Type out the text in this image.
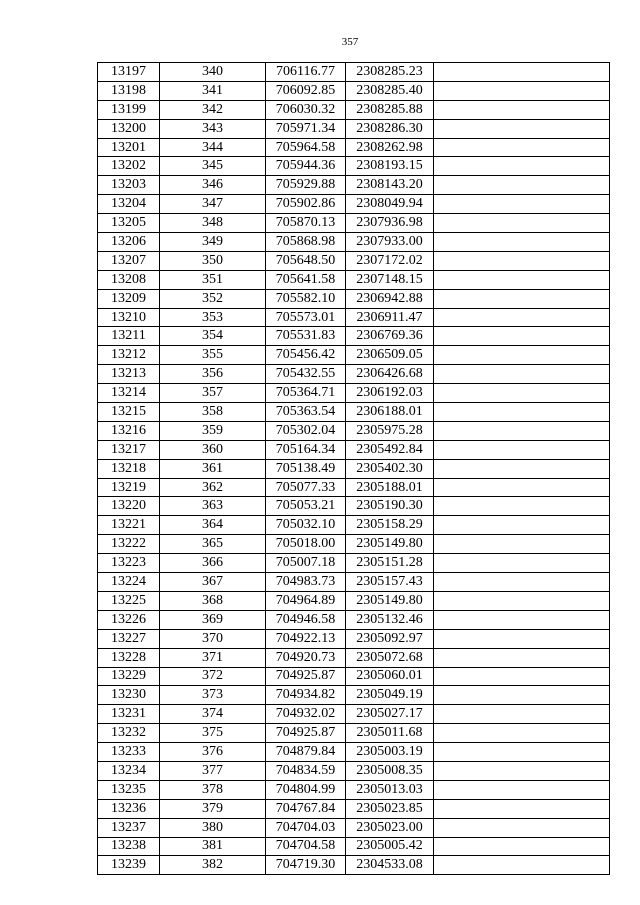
357
13197	340	706116.77	2308285.23	
13198	341	706092.85	2308285.40	
13199	342	706030.32	2308285.88	
13200	343	705971.34	2308286.30	
13201	344	705964.58	2308262.98	
13202	345	705944.36	2308193.15	
13203	346	705929.88	2308143.20	
13204	347	705902.86	2308049.94	
13205	348	705870.13	2307936.98	
13206	349	705868.98	2307933.00	
13207	350	705648.50	2307172.02	
13208	351	705641.58	2307148.15	
13209	352	705582.10	2306942.88	
13210	353	705573.01	2306911.47	
13211	354	705531.83	2306769.36	
13212	355	705456.42	2306509.05	
13213	356	705432.55	2306426.68	
13214	357	705364.71	2306192.03	
13215	358	705363.54	2306188.01	
13216	359	705302.04	2305975.28	
13217	360	705164.34	2305492.84	
13218	361	705138.49	2305402.30	
13219	362	705077.33	2305188.01	
13220	363	705053.21	2305190.30	
13221	364	705032.10	2305158.29	
13222	365	705018.00	2305149.80	
13223	366	705007.18	2305151.28	
13224	367	704983.73	2305157.43	
13225	368	704964.89	2305149.80	
13226	369	704946.58	2305132.46	
13227	370	704922.13	2305092.97	
13228	371	704920.73	2305072.68	
13229	372	704925.87	2305060.01	
13230	373	704934.82	2305049.19	
13231	374	704932.02	2305027.17	
13232	375	704925.87	2305011.68	
13233	376	704879.84	2305003.19	
13234	377	704834.59	2305008.35	
13235	378	704804.99	2305013.03	
13236	379	704767.84	2305023.85	
13237	380	704704.03	2305023.00	
13238	381	704704.58	2305005.42	
13239	382	704719.30	2304533.08	
